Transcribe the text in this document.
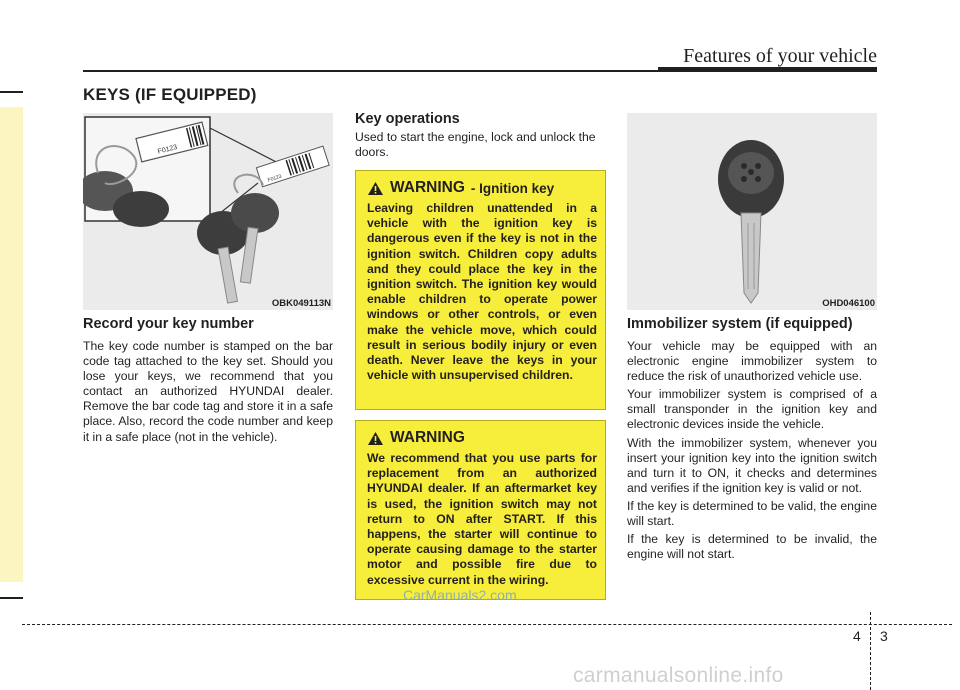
Features of your vehicle
KEYS (IF EQUIPPED)
F0123
F0123
OBK049113N
Record your key number
The key code number is stamped on the bar code tag attached to the key set. Should you lose your keys, we recommend that you contact an authorized HYUNDAI dealer. Remove the bar code tag and store it in a safe place. Also, record the code number and keep it in a safe place (not in the vehicle).
Key operations
Used to start the engine, lock and unlock the doors.
WARNING - Ignition key
Leaving children unattended in a vehicle with the ignition key is dangerous even if the key is not in the ignition switch. Children copy adults and they could place the key in the ignition switch. The ignition key would enable children to operate power windows or other controls, or even make the vehicle move, which could result in serious bodily injury or even death. Never leave the keys in your vehicle with unsupervised children.
WARNING
We recommend that you use parts for replacement from an authorized HYUNDAI dealer. If an aftermarket key is used, the ignition switch may not return to ON after START. If this happens, the starter will continue to operate causing damage to the starter motor and possible fire due to excessive current in the wiring.
OHD046100
Immobilizer system (if equipped)

Your vehicle may be equipped with an electronic engine immobilizer system to reduce the risk of unauthorized vehicle use.

Your immobilizer system is comprised of a small transponder in the ignition key and electronic devices inside the vehicle.

With the immobilizer system, whenever you insert your ignition key into the ignition switch and turn it to ON, it checks and determines and verifies if the ignition key is valid or not.

If the key is determined to be valid, the engine will start.

If the key is determined to be invalid, the engine will not start.

CarManuals2.com
4 3
carmanualsonline.info
